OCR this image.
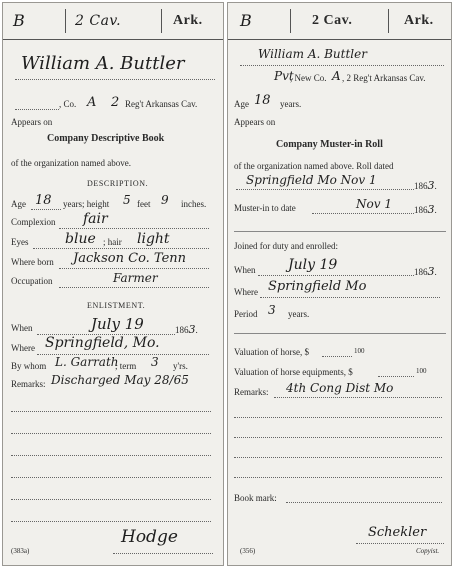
B	2 Cav.	Ark.
William A. Buttler
, Co. A 2 Reg't Arkansas Cav.
Appears on
Company Descriptive Book
of the organization named above.
DESCRIPTION.
Age 18 years; height 5 feet 9 inches.
Complexion fair
Eyes	blue ; hair light
Where born Jackson Co. Tenn
Occupation	Farmer
ENLISTMENT.
When	July 19	1863.
Where Springfield, Mo.
By whom L. Garrath
; term 3 y'rs.
Remarks: Discharged May 28/65
Hodge
(383a)
B	2 Cav.	Ark.
William A. Buttler
Pvt
, New Co. A , 2 Reg't Arkansas Cav.
Age 18 years.
Appears on
Company Muster-in Roll
of the organization named above. Roll dated
Springfield Mo Nov 1	1863.
Muster-in to date	Nov 1 1863.
Joined for duty and enrolled:
When July 19	1863.
Where Springfield Mo
Period 3 years.
Valuation of horse, $	100
Valuation of horse equipments, $	100
Remarks: 4th Cong Dist Mo
Book mark:
Schekler
Copyist.
(356)
